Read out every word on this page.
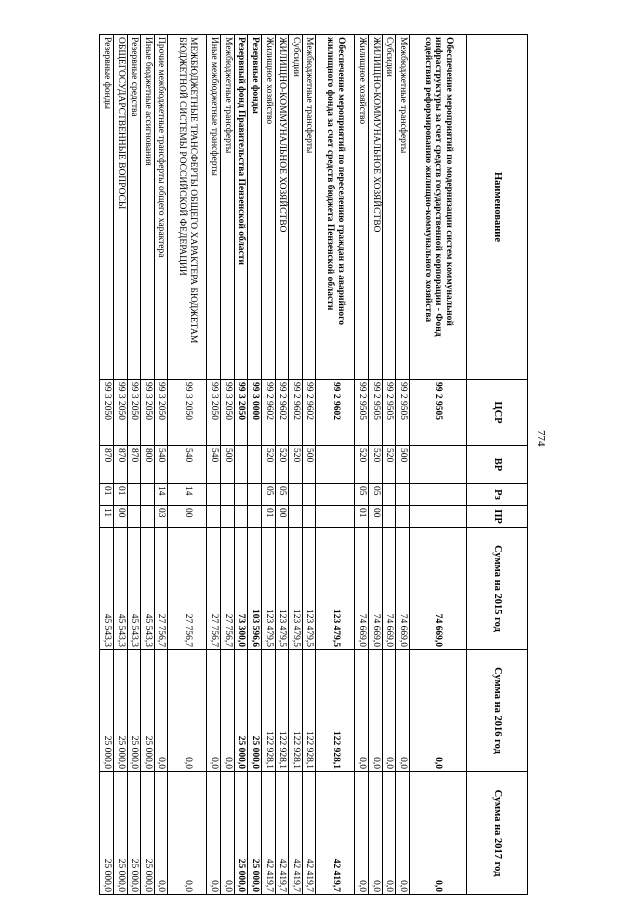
774
Наименование	ЦСР	ВР	Рз	ПР	Сумма на 2015 год	Сумма на 2016 год	Сумма на 2017 год
Обеспечение мероприятий по модернизации систем коммунальной инфраструктуры за счет средств государственной корпорации - Фонд содействия реформированию жилищно-коммунального хозяйства	99 2 9505				74 669,0	0,0	0,0
Межбюджетные трансферты	99 2 9505	500			74 669,0	0,0	0,0
Субсидии	99 2 9505	520			74 669,0	0,0	0,0
ЖИЛИЩНО-КОММУНАЛЬНОЕ ХОЗЯЙСТВО	99 2 9505	520	05	00	74 669,0	0,0	0,0
Жилищное хозяйство	99 2 9505	520	05	01	74 669,0	0,0	0,0
Обеспечение мероприятий по переселению граждан из аварийного жилищного фонда за счет средств бюджета Пензенской области	99 2 9602				123 479,5	122 928,1	42 419,7
Межбюджетные трансферты	99 2 9602	500			123 479,5	122 928,1	42 419,7
Субсидии	99 2 9602	520			123 479,5	122 928,1	42 419,7
ЖИЛИЩНО-КОММУНАЛЬНОЕ ХОЗЯЙСТВО	99 2 9602	520	05	00	123 479,5	122 928,1	42 419,7
Жилищное хозяйство	99 2 9602	520	05	01	123 479,5	122 928,1	42 419,7
Резервные фонды	99 3 0000				103 596,6	25 000,0	25 000,0
Резервный фонд Правительства Пензенской области	99 3 2050				73 300,0	25 000,0	25 000,0
Межбюджетные трансферты	99 3 2050	500			27 756,7	0,0	0,0
Иные межбюджетные трансферты	99 3 2050	540			27 756,7	0,0	0,0
МЕЖБЮДЖЕТНЫЕ ТРАНСФЕРТЫ ОБЩЕГО ХАРАКТЕРА БЮДЖЕТАМ БЮДЖЕТНОЙ СИСТЕМЫ РОССИЙСКОЙ ФЕДЕРАЦИИ	99 3 2050	540	14	00	27 756,7	0,0	0,0
Прочие межбюджетные трансферты общего характера	99 3 2050	540	14	03	27 756,7	0,0	0,0
Иные бюджетные ассигнования	99 3 2050	800			45 543,3	25 000,0	25 000,0
Резервные средства	99 3 2050	870			45 543,3	25 000,0	25 000,0
ОБЩЕГОСУДАРСТВЕННЫЕ ВОПРОСЫ	99 3 2050	870	01	00	45 543,3	25 000,0	25 000,0
Резервные фонды	99 3 2050	870	01	11	45 543,3	25 000,0	25 000,0
